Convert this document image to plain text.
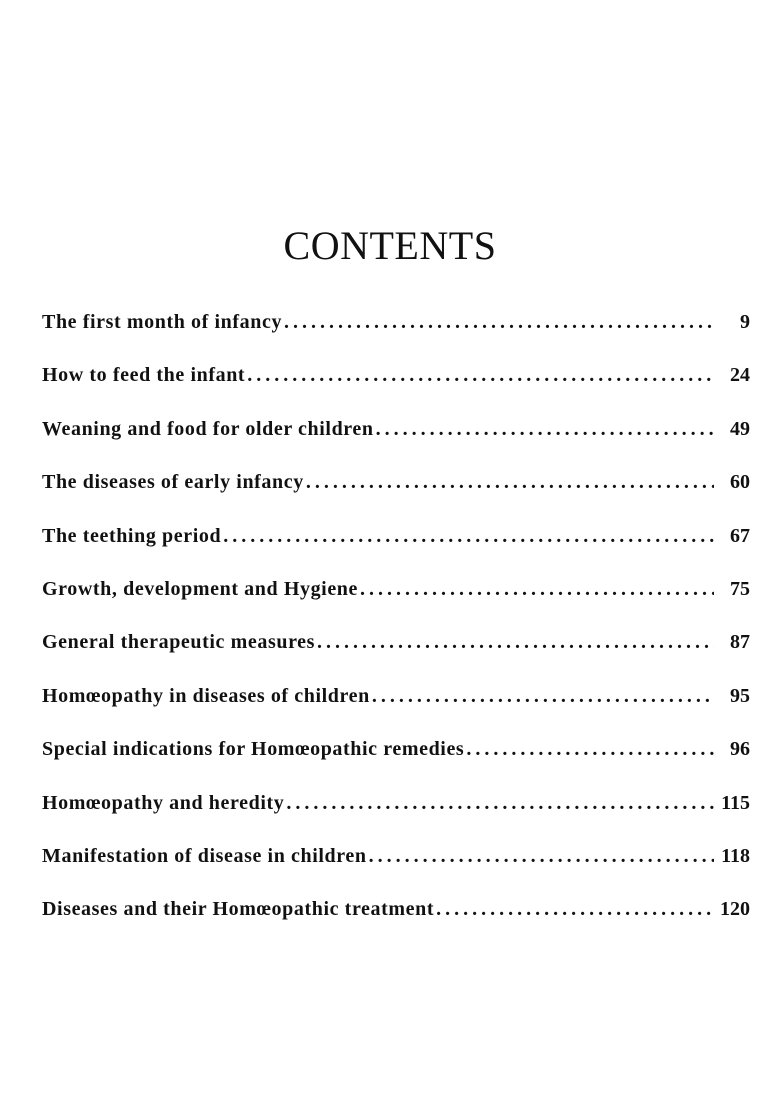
CONTENTS
The first month of infancy .....	9
How to feed the infant .....	24
Weaning and food for older children .....	49
The diseases of early infancy .....	60
The teething period .....	67
Growth, development and Hygiene .....	75
General therapeutic measures .....	87
Homœopathy in diseases of children .....	95
Special indications for Homœopathic remedies .....	96
Homœopathy and heredity .....	115
Manifestation of disease in children .....	118
Diseases and their Homœopathic treatment .....	120
